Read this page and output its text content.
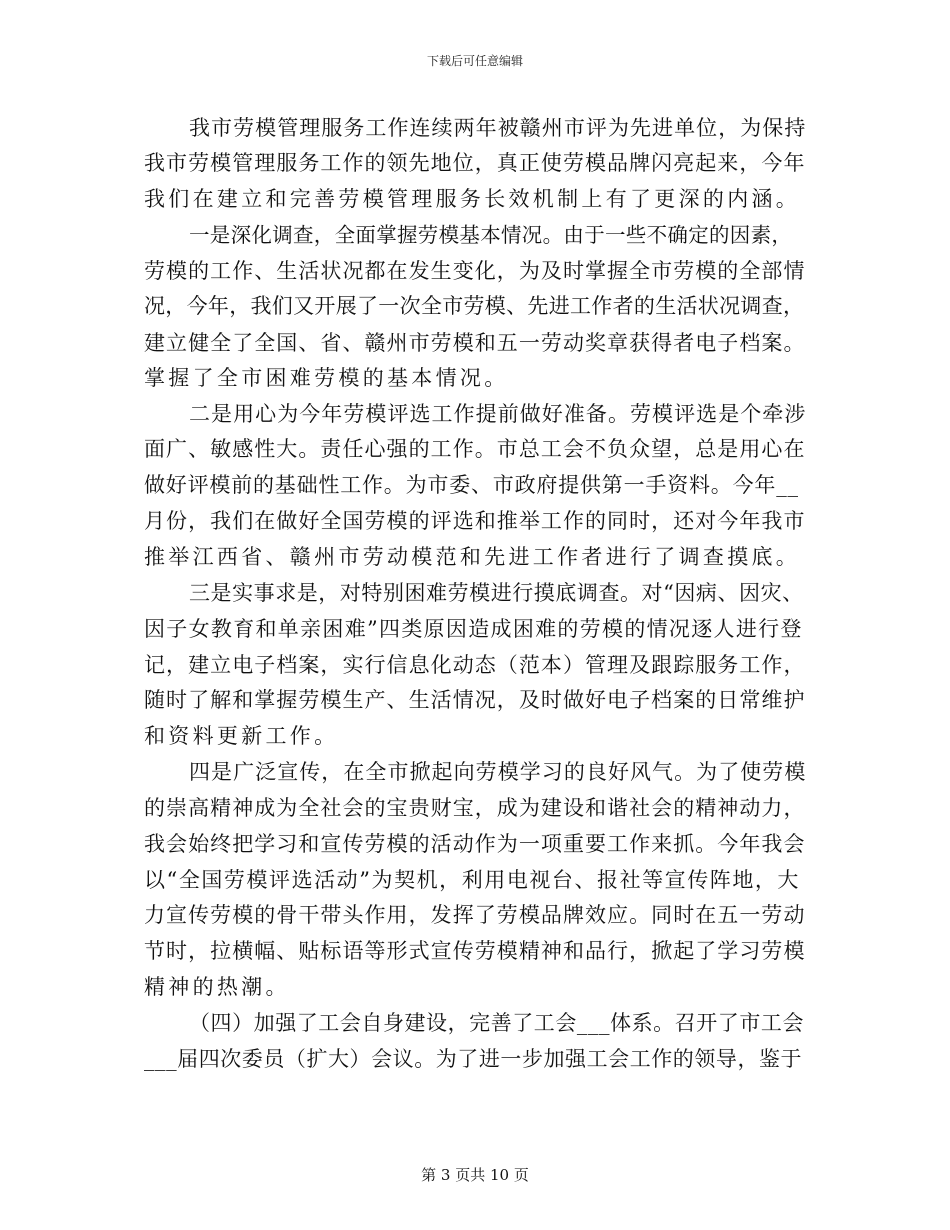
下载后可任意编辑
我市劳模管理服务工作连续两年被赣州市评为先进单位，为保持
我市劳模管理服务工作的领先地位，真正使劳模品牌闪亮起来，今年
我们在建立和完善劳模管理服务长效机制上有了更深的内涵。
一是深化调查，全面掌握劳模基本情况。由于一些不确定的因素，
劳模的工作、生活状况都在发生变化，为及时掌握全市劳模的全部情
况，今年，我们又开展了一次全市劳模、先进工作者的生活状况调查，
建立健全了全国、省、赣州市劳模和五一劳动奖章获得者电子档案。
掌握了全市困难劳模的基本情况。
二是用心为今年劳模评选工作提前做好准备。劳模评选是个牵涉
面广、敏感性大。责任心强的工作。市总工会不负众望，总是用心在
做好评模前的基础性工作。为市委、市政府提供第一手资料。今年__
月份，我们在做好全国劳模的评选和推举工作的同时，还对今年我市
推举江西省、赣州市劳动模范和先进工作者进行了调查摸底。
三是实事求是，对特别困难劳模进行摸底调查。对“因病、因灾、
因子女教育和单亲困难”四类原因造成困难的劳模的情况逐人进行登
记，建立电子档案，实行信息化动态（范本）管理及跟踪服务工作，
随时了解和掌握劳模生产、生活情况，及时做好电子档案的日常维护
和资料更新工作。
四是广泛宣传，在全市掀起向劳模学习的良好风气。为了使劳模
的崇高精神成为全社会的宝贵财宝，成为建设和谐社会的精神动力，
我会始终把学习和宣传劳模的活动作为一项重要工作来抓。今年我会
以“全国劳模评选活动”为契机，利用电视台、报社等宣传阵地，大
力宣传劳模的骨干带头作用，发挥了劳模品牌效应。同时在五一劳动
节时，拉横幅、贴标语等形式宣传劳模精神和品行，掀起了学习劳模
精神的热潮。
（四）加强了工会自身建设，完善了工会___体系。召开了市工会
___届四次委员（扩大）会议。为了进一步加强工会工作的领导，鉴于
第 3 页共 10 页
